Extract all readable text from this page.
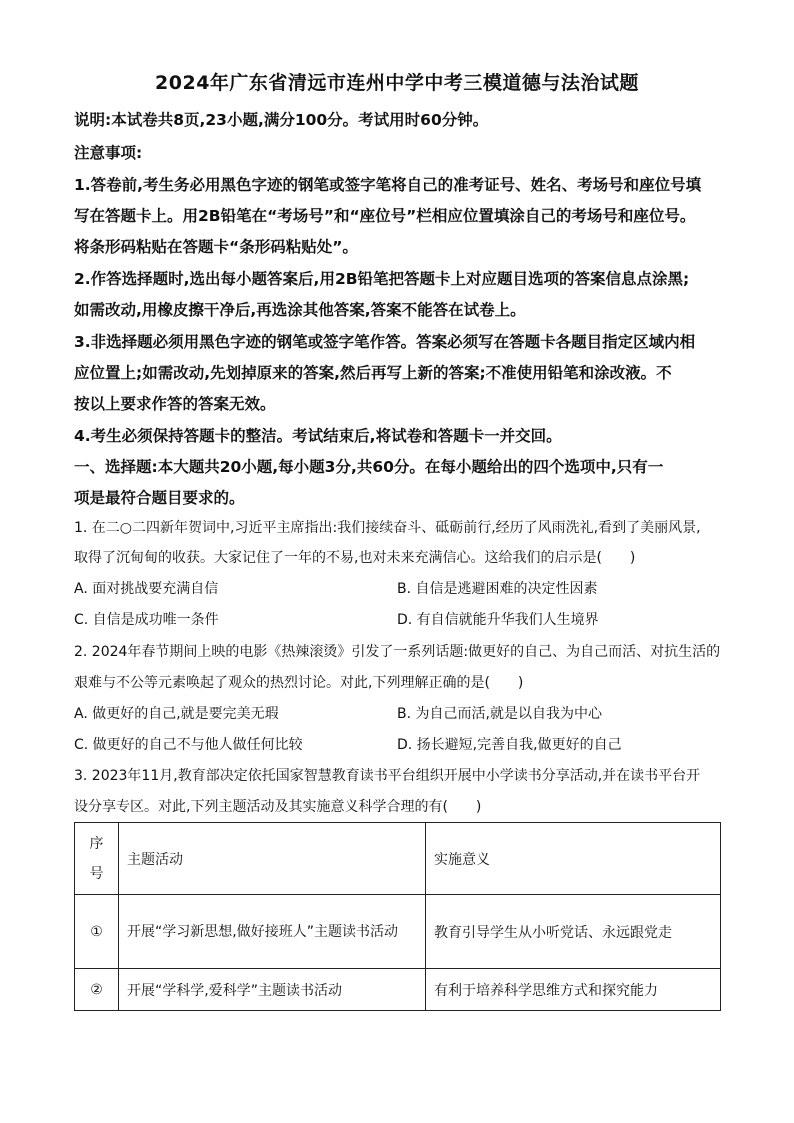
2024年广东省清远市连州中学中考三模道德与法治试题
说明:本试卷共8页,23小题,满分100分。考试用时60分钟。
注意事项:
1.答卷前,考生务必用黑色字迹的钢笔或签字笔将自己的准考证号、姓名、考场号和座位号填
写在答题卡上。用2B铅笔在“考场号”和“座位号”栏相应位置填涂自己的考场号和座位号。
将条形码粘贴在答题卡“条形码粘贴处”。
2.作答选择题时,选出每小题答案后,用2B铅笔把答题卡上对应题目选项的答案信息点涂黑;
如需改动,用橡皮擦干净后,再选涂其他答案,答案不能答在试卷上。
3.非选择题必须用黑色字迹的钢笔或签字笔作答。答案必须写在答题卡各题目指定区域内相
应位置上;如需改动,先划掉原来的答案,然后再写上新的答案;不准使用铅笔和涂改液。不
按以上要求作答的答案无效。
4.考生必须保持答题卡的整洁。考试结束后,将试卷和答题卡一并交回。
一、选择题:本大题共20小题,每小题3分,共60分。在每小题给出的四个选项中,只有一
项是最符合题目要求的。
1. 在二○二四新年贺词中,习近平主席指出:我们接续奋斗、砥砺前行,经历了风雨洗礼,看到了美丽风景,
取得了沉甸甸的收获。大家记住了一年的不易,也对未来充满信心。这给我们的启示是(　　)
A. 面对挑战要充满自信	B. 自信是逃避困难的决定性因素
C. 自信是成功唯一条件	D. 有自信就能升华我们人生境界
2. 2024年春节期间上映的电影《热辣滚烫》引发了一系列话题:做更好的自己、为自己而活、对抗生活的
艰难与不公等元素唤起了观众的热烈讨论。对此,下列理解正确的是(　　)
A. 做更好的自己,就是要完美无瑕	B. 为自己而活,就是以自我为中心
C. 做更好的自己不与他人做任何比较	D. 扬长避短,完善自我,做更好的自己
3. 2023年11月,教育部决定依托国家智慧教育读书平台组织开展中小学读书分享活动,并在读书平台开
设分享专区。对此,下列主题活动及其实施意义科学合理的有(　　)
序号	主题活动	实施意义
①	开展“学习新思想,做好接班人”主题读书活动	教育引导学生从小听党话、永远跟党走
②	开展“学科学,爱科学”主题读书活动	有利于培养科学思维方式和探究能力
